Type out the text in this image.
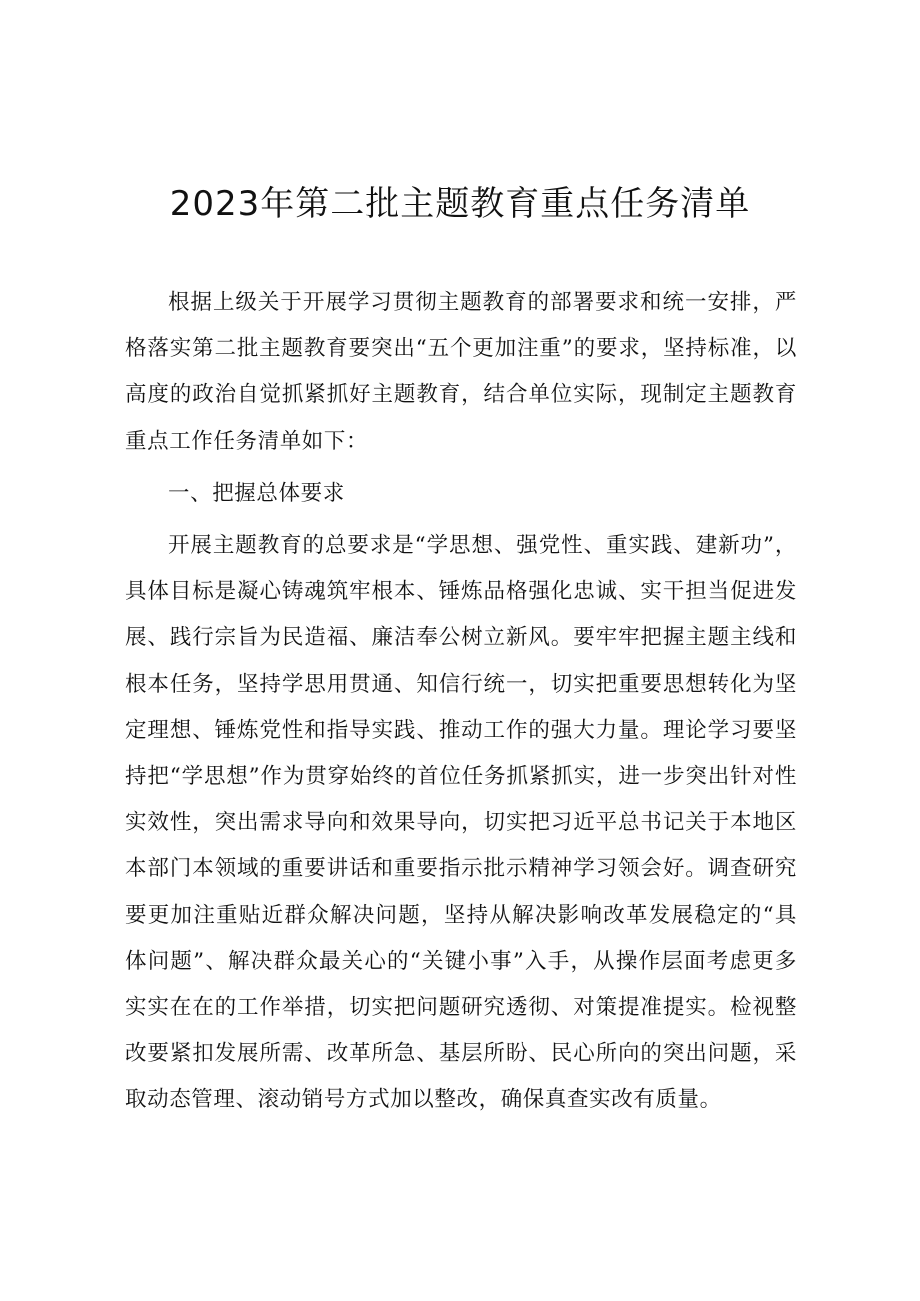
2023年第二批主题教育重点任务清单

根据上级关于开展学习贯彻主题教育的部署要求和统一安排，严格落实第二批主题教育要突出“五个更加注重”的要求，坚持标准，以高度的政治自觉抓紧抓好主题教育，结合单位实际，现制定主题教育重点工作任务清单如下：

一、把握总体要求

开展主题教育的总要求是“学思想、强党性、重实践、建新功”，具体目标是凝心铸魂筑牢根本、锤炼品格强化忠诚、实干担当促进发展、践行宗旨为民造福、廉洁奉公树立新风。要牢牢把握主题主线和根本任务，坚持学思用贯通、知信行统一，切实把重要思想转化为坚定理想、锤炼党性和指导实践、推动工作的强大力量。理论学习要坚持把“学思想”作为贯穿始终的首位任务抓紧抓实，进一步突出针对性实效性，突出需求导向和效果导向，切实把习近平总书记关于本地区本部门本领域的重要讲话和重要指示批示精神学习领会好。调查研究要更加注重贴近群众解决问题，坚持从解决影响改革发展稳定的“具体问题”、解决群众最关心的“关键小事”入手，从操作层面考虑更多实实在在的工作举措，切实把问题研究透彻、对策提准提实。检视整改要紧扣发展所需、改革所急、基层所盼、民心所向的突出问题，采取动态管理、滚动销号方式加以整改，确保真查实改有质量。
